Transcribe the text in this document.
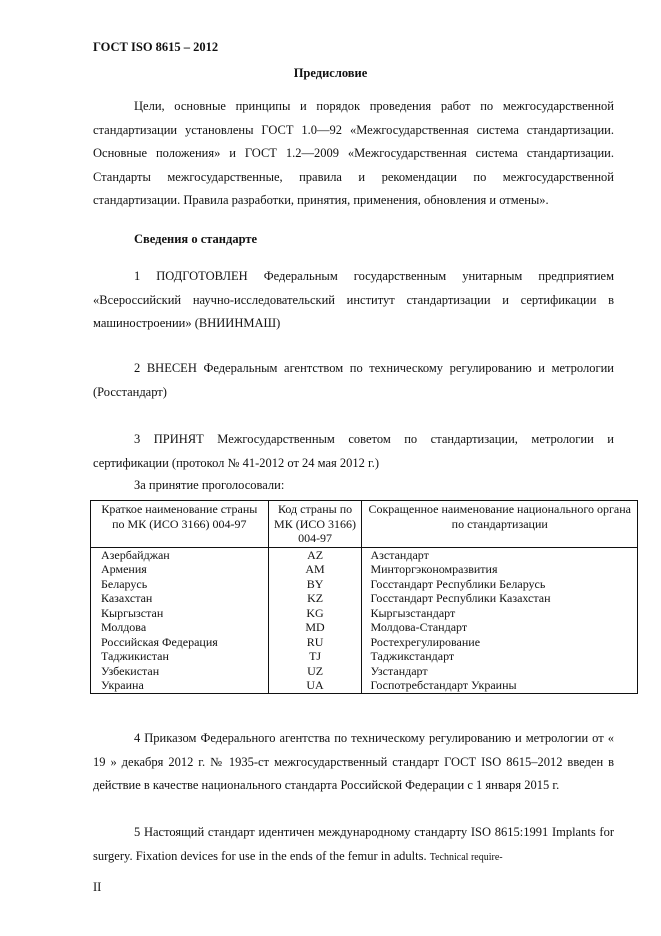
ГОСТ ISO 8615 – 2012
Предисловие
Цели, основные принципы и порядок проведения работ по межгосударственной стандартизации установлены ГОСТ 1.0—92 «Межгосударственная система стандартизации. Основные положения» и ГОСТ 1.2—2009 «Межгосударственная система стандартизации. Стандарты межгосударственные, правила и рекомендации по межгосударственной стандартизации. Правила разработки, принятия, применения, обновления и отмены».
Сведения о стандарте
1 ПОДГОТОВЛЕН Федеральным государственным унитарным предприятием «Всероссийский научно-исследовательский институт стандартизации и сертификации в машиностроении» (ВНИИНМАШ)
2 ВНЕСЕН Федеральным агентством по техническому регулированию и метрологии (Росстандарт)
3 ПРИНЯТ Межгосударственным советом по стандартизации, метрологии и сертификации (протокол № 41-2012 от 24 мая 2012 г.)
За принятие проголосовали:
Краткое наименование страны по МК (ИСО 3166) 004-97	Код страны по МК (ИСО 3166) 004-97	Сокращенное наименование национального органа по стандартизации
Азербайджан	AZ	Азстандарт
Армения	AM	Минторгэкономразвития
Беларусь	BY	Госстандарт Республики Беларусь
Казахстан	KZ	Госстандарт Республики Казахстан
Кыргызстан	KG	Кыргызстандарт
Молдова	MD	Молдова-Стандарт
Российская Федерация	RU	Ростехрегулирование
Таджикистан	TJ	Таджикстандарт
Узбекистан	UZ	Узстандарт
Украина	UA	Госпотребстандарт Украины
4 Приказом Федерального агентства по техническому регулированию и метрологии от « 19 » декабря 2012 г. № 1935-ст межгосударственный стандарт ГОСТ ISO 8615–2012 введен в действие в качестве национального стандарта Российской Федерации с 1 января 2015 г.
5 Настоящий стандарт идентичен международному стандарту ISO 8615:1991 Implants for surgery. Fixation devices for use in the ends of the femur in adults. Technical require-
II
